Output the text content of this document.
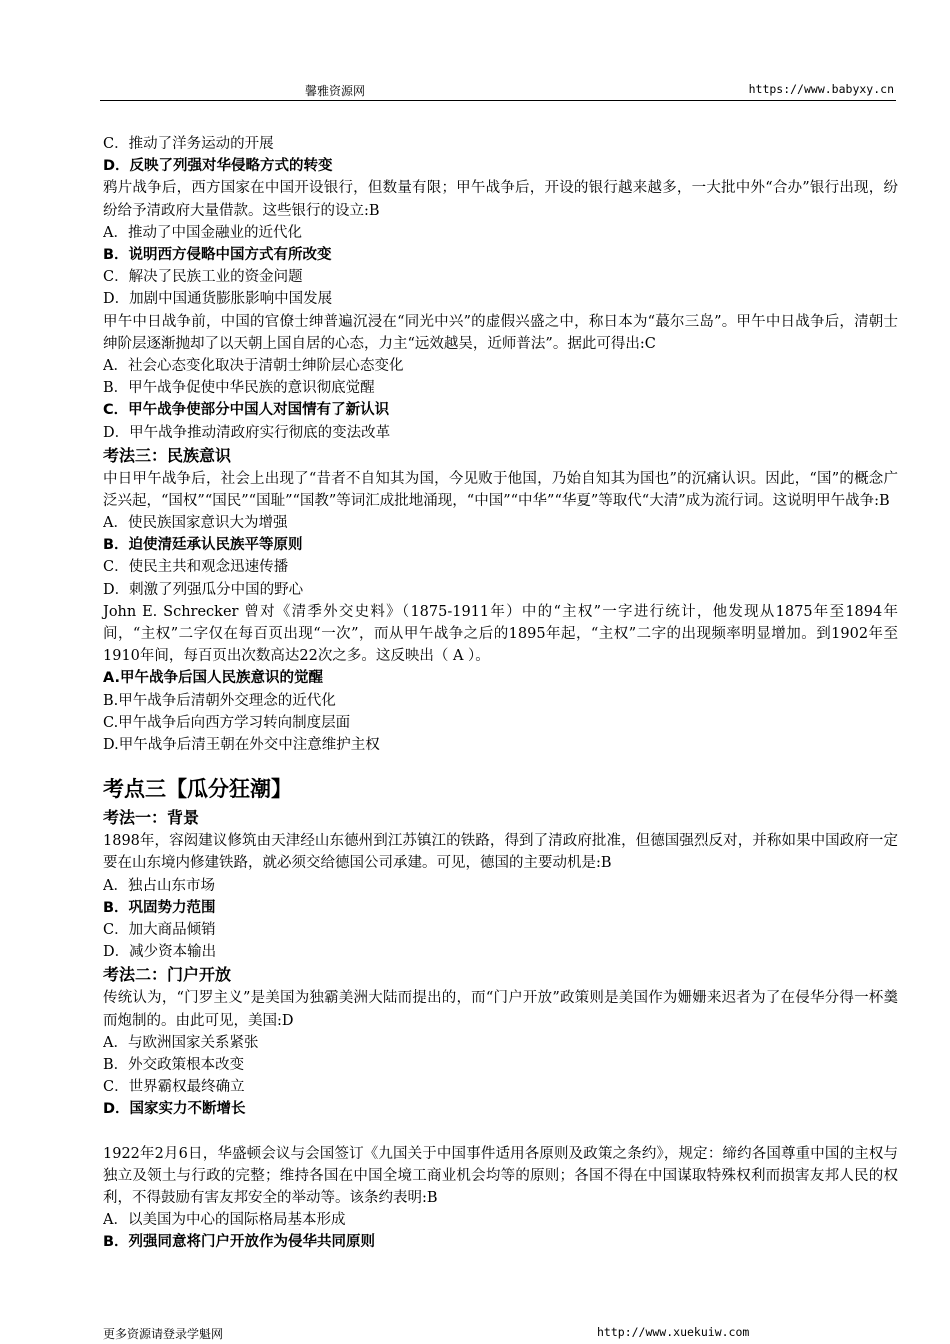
馨雅资源网	https://www.babyxy.cn
C．推动了洋务运动的开展
D．反映了列强对华侵略方式的转变
鸦片战争后，西方国家在中国开设银行，但数量有限；甲午战争后，开设的银行越来越多，一大批中外“合办”银行出现，纷纷给予清政府大量借款。这些银行的设立:B
A．推动了中国金融业的近代化
B．说明西方侵略中国方式有所改变
C．解决了民族工业的资金问题
D．加剧中国通货膨胀影响中国发展
甲午中日战争前，中国的官僚士绅普遍沉浸在“同光中兴”的虚假兴盛之中，称日本为“蕞尔三岛”。甲午中日战争后，清朝士绅阶层逐渐抛却了以天朝上国自居的心态，力主“远效越吴，近师普法”。据此可得出:C
A．社会心态变化取决于清朝士绅阶层心态变化
B．甲午战争促使中华民族的意识彻底觉醒
C．甲午战争使部分中国人对国情有了新认识
D．甲午战争推动清政府实行彻底的变法改革
考法三：民族意识
中日甲午战争后，社会上出现了“昔者不自知其为国，今见败于他国，乃始自知其为国也”的沉痛认识。因此，“国”的概念广泛兴起，“国权”“国民”“国耻”“国教”等词汇成批地涌现，“中国”“中华”“华夏”等取代“大清”成为流行词。这说明甲午战争:B
A．使民族国家意识大为增强
B．迫使清廷承认民族平等原则
C．使民主共和观念迅速传播
D．刺激了列强瓜分中国的野心
John E. Schrecker 曾对《清季外交史料》（1875-1911年）中的“主权”一字进行统计，他发现从1875年至1894年间，“主权”二字仅在每百页出现“一次”，而从甲午战争之后的1895年起，“主权”二字的出现频率明显增加。到1902年至1910年间，每百页出次数高达22次之多。这反映出（ A ）。
A.甲午战争后国人民族意识的觉醒
B.甲午战争后清朝外交理念的近代化
C.甲午战争后向西方学习转向制度层面
D.甲午战争后清王朝在外交中注意维护主权
考点三【瓜分狂潮】
考法一：背景
1898年，容闳建议修筑由天津经山东德州到江苏镇江的铁路，得到了清政府批准，但德国强烈反对，并称如果中国政府一定要在山东境内修建铁路，就必须交给德国公司承建。可见，德国的主要动机是:B
A．独占山东市场
B．巩固势力范围
C．加大商品倾销
D．减少资本输出
考法二：门户开放
传统认为，“门罗主义”是美国为独霸美洲大陆而提出的，而“门户开放”政策则是美国作为姗姗来迟者为了在侵华分得一杯羹而炮制的。由此可见，美国:D
A．与欧洲国家关系紧张
B．外交政策根本改变
C．世界霸权最终确立
D．国家实力不断增长
1922年2月6日，华盛顿会议与会国签订《九国关于中国事件适用各原则及政策之条约》，规定：缔约各国尊重中国的主权与独立及领土与行政的完整；维持各国在中国全境工商业机会均等的原则；各国不得在中国谋取特殊权利而损害友邦人民的权利，不得鼓励有害友邦安全的举动等。该条约表明:B
A．以美国为中心的国际格局基本形成
B．列强同意将门户开放作为侵华共同原则
更多资源请登录学魁网	http://www.xuekuiw.com
